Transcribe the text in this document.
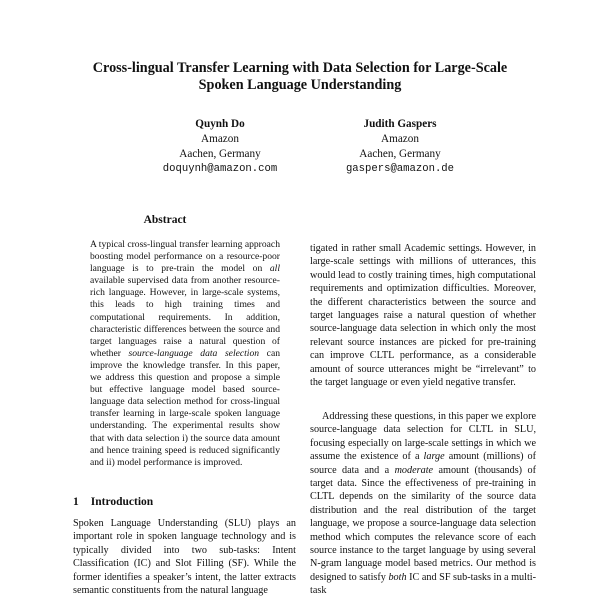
Cross-lingual Transfer Learning with Data Selection for Large-Scale
Spoken Language Understanding
Quynh Do
Amazon
Aachen, Germany
doquynh@amazon.com
Judith Gaspers
Amazon
Aachen, Germany
gaspers@amazon.de
Abstract
A typical cross-lingual transfer learning approach boosting model performance on a resource-poor language is to pre-train the model on all available supervised data from another resource-rich language. However, in large-scale systems, this leads to high training times and computational requirements. In addition, characteristic differences between the source and target languages raise a natural question of whether source-language data selection can improve the knowledge transfer. In this paper, we address this question and propose a simple but effective language model based source-language data selection method for cross-lingual transfer learning in large-scale spoken language understanding. The experimental results show that with data selection i) the source data amount and hence training speed is reduced significantly and ii) model performance is improved.
1 Introduction

Spoken Language Understanding (SLU) plays an important role in spoken language technology and is typically divided into two sub-tasks: Intent Classification (IC) and Slot Filling (SF). While the former identifies a speaker’s intent, the latter extracts semantic constituents from the natural language

tigated in rather small Academic settings. However, in large-scale settings with millions of utterances, this would lead to costly training times, high computational requirements and optimization difficulties. Moreover, the different characteristics between the source and target languages raise a natural question of whether source-language data selection in which only the most relevant source instances are picked for pre-training can improve CLTL performance, as a considerable amount of source utterances might be “irrelevant” to the target language or even yield negative transfer.

Addressing these questions, in this paper we explore source-language data selection for CLTL in SLU, focusing especially on large-scale settings in which we assume the existence of a large amount (millions) of source data and a moderate amount (thousands) of target data. Since the effectiveness of pre-training in CLTL depends on the similarity of the source data distribution and the real distribution of the target language, we propose a source-language data selection method which computes the relevance score of each source instance to the target language by using several N-gram language model based metrics. Our method is designed to satisfy both IC and SF sub-tasks in a multi-task
